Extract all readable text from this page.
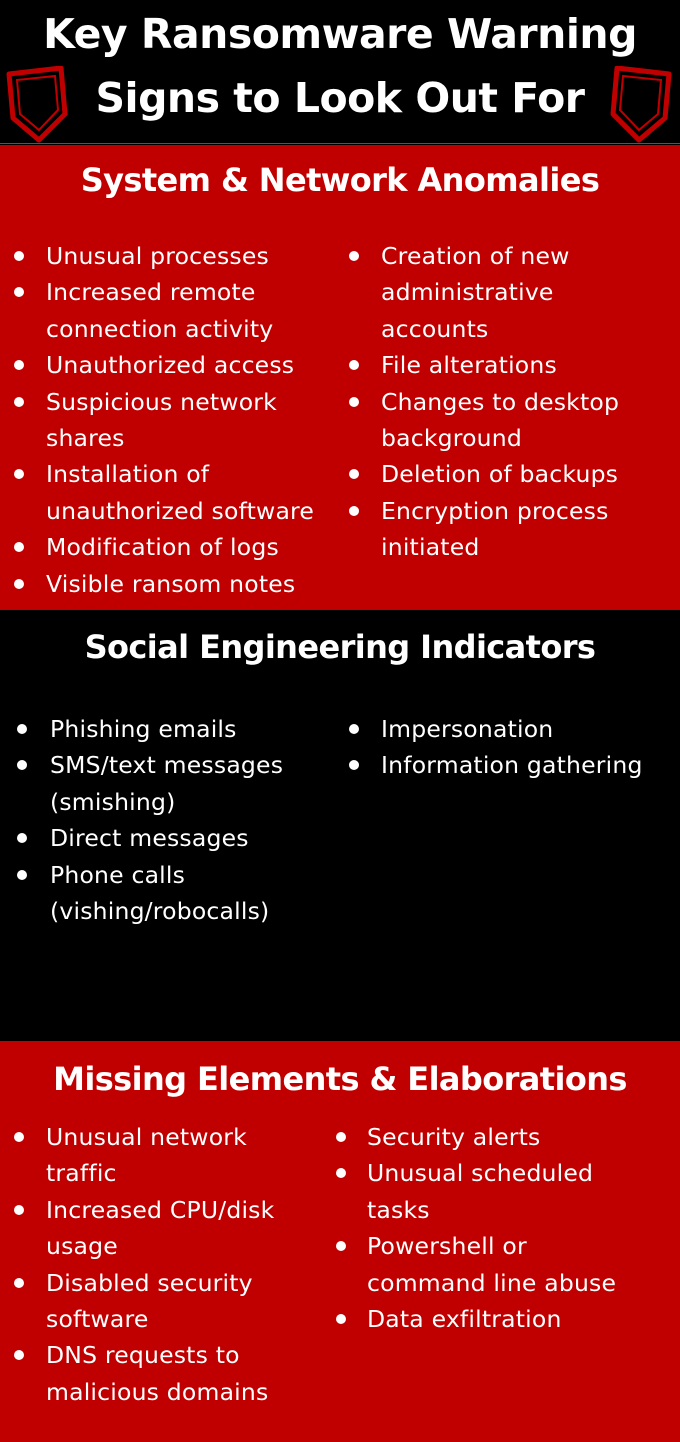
Key Ransomware Warning
Signs to Look Out For
System & Network Anomalies
Unusual processes
Increased remote
connection activity
Unauthorized access
Suspicious network
shares
Installation of
unauthorized software
Modification of logs
Visible ransom notes
Creation of new
administrative
accounts
File alterations
Changes to desktop
background
Deletion of backups
Encryption process
initiated
Social Engineering Indicators
Phishing emails
SMS/text messages
(smishing)
Direct messages
Phone calls
(vishing/robocalls)
Impersonation
Information gathering
Missing Elements & Elaborations
Unusual network
traffic
Increased CPU/disk
usage
Disabled security
software
DNS requests to
malicious domains
Security alerts
Unusual scheduled
tasks
Powershell or
command line abuse
Data exfiltration
